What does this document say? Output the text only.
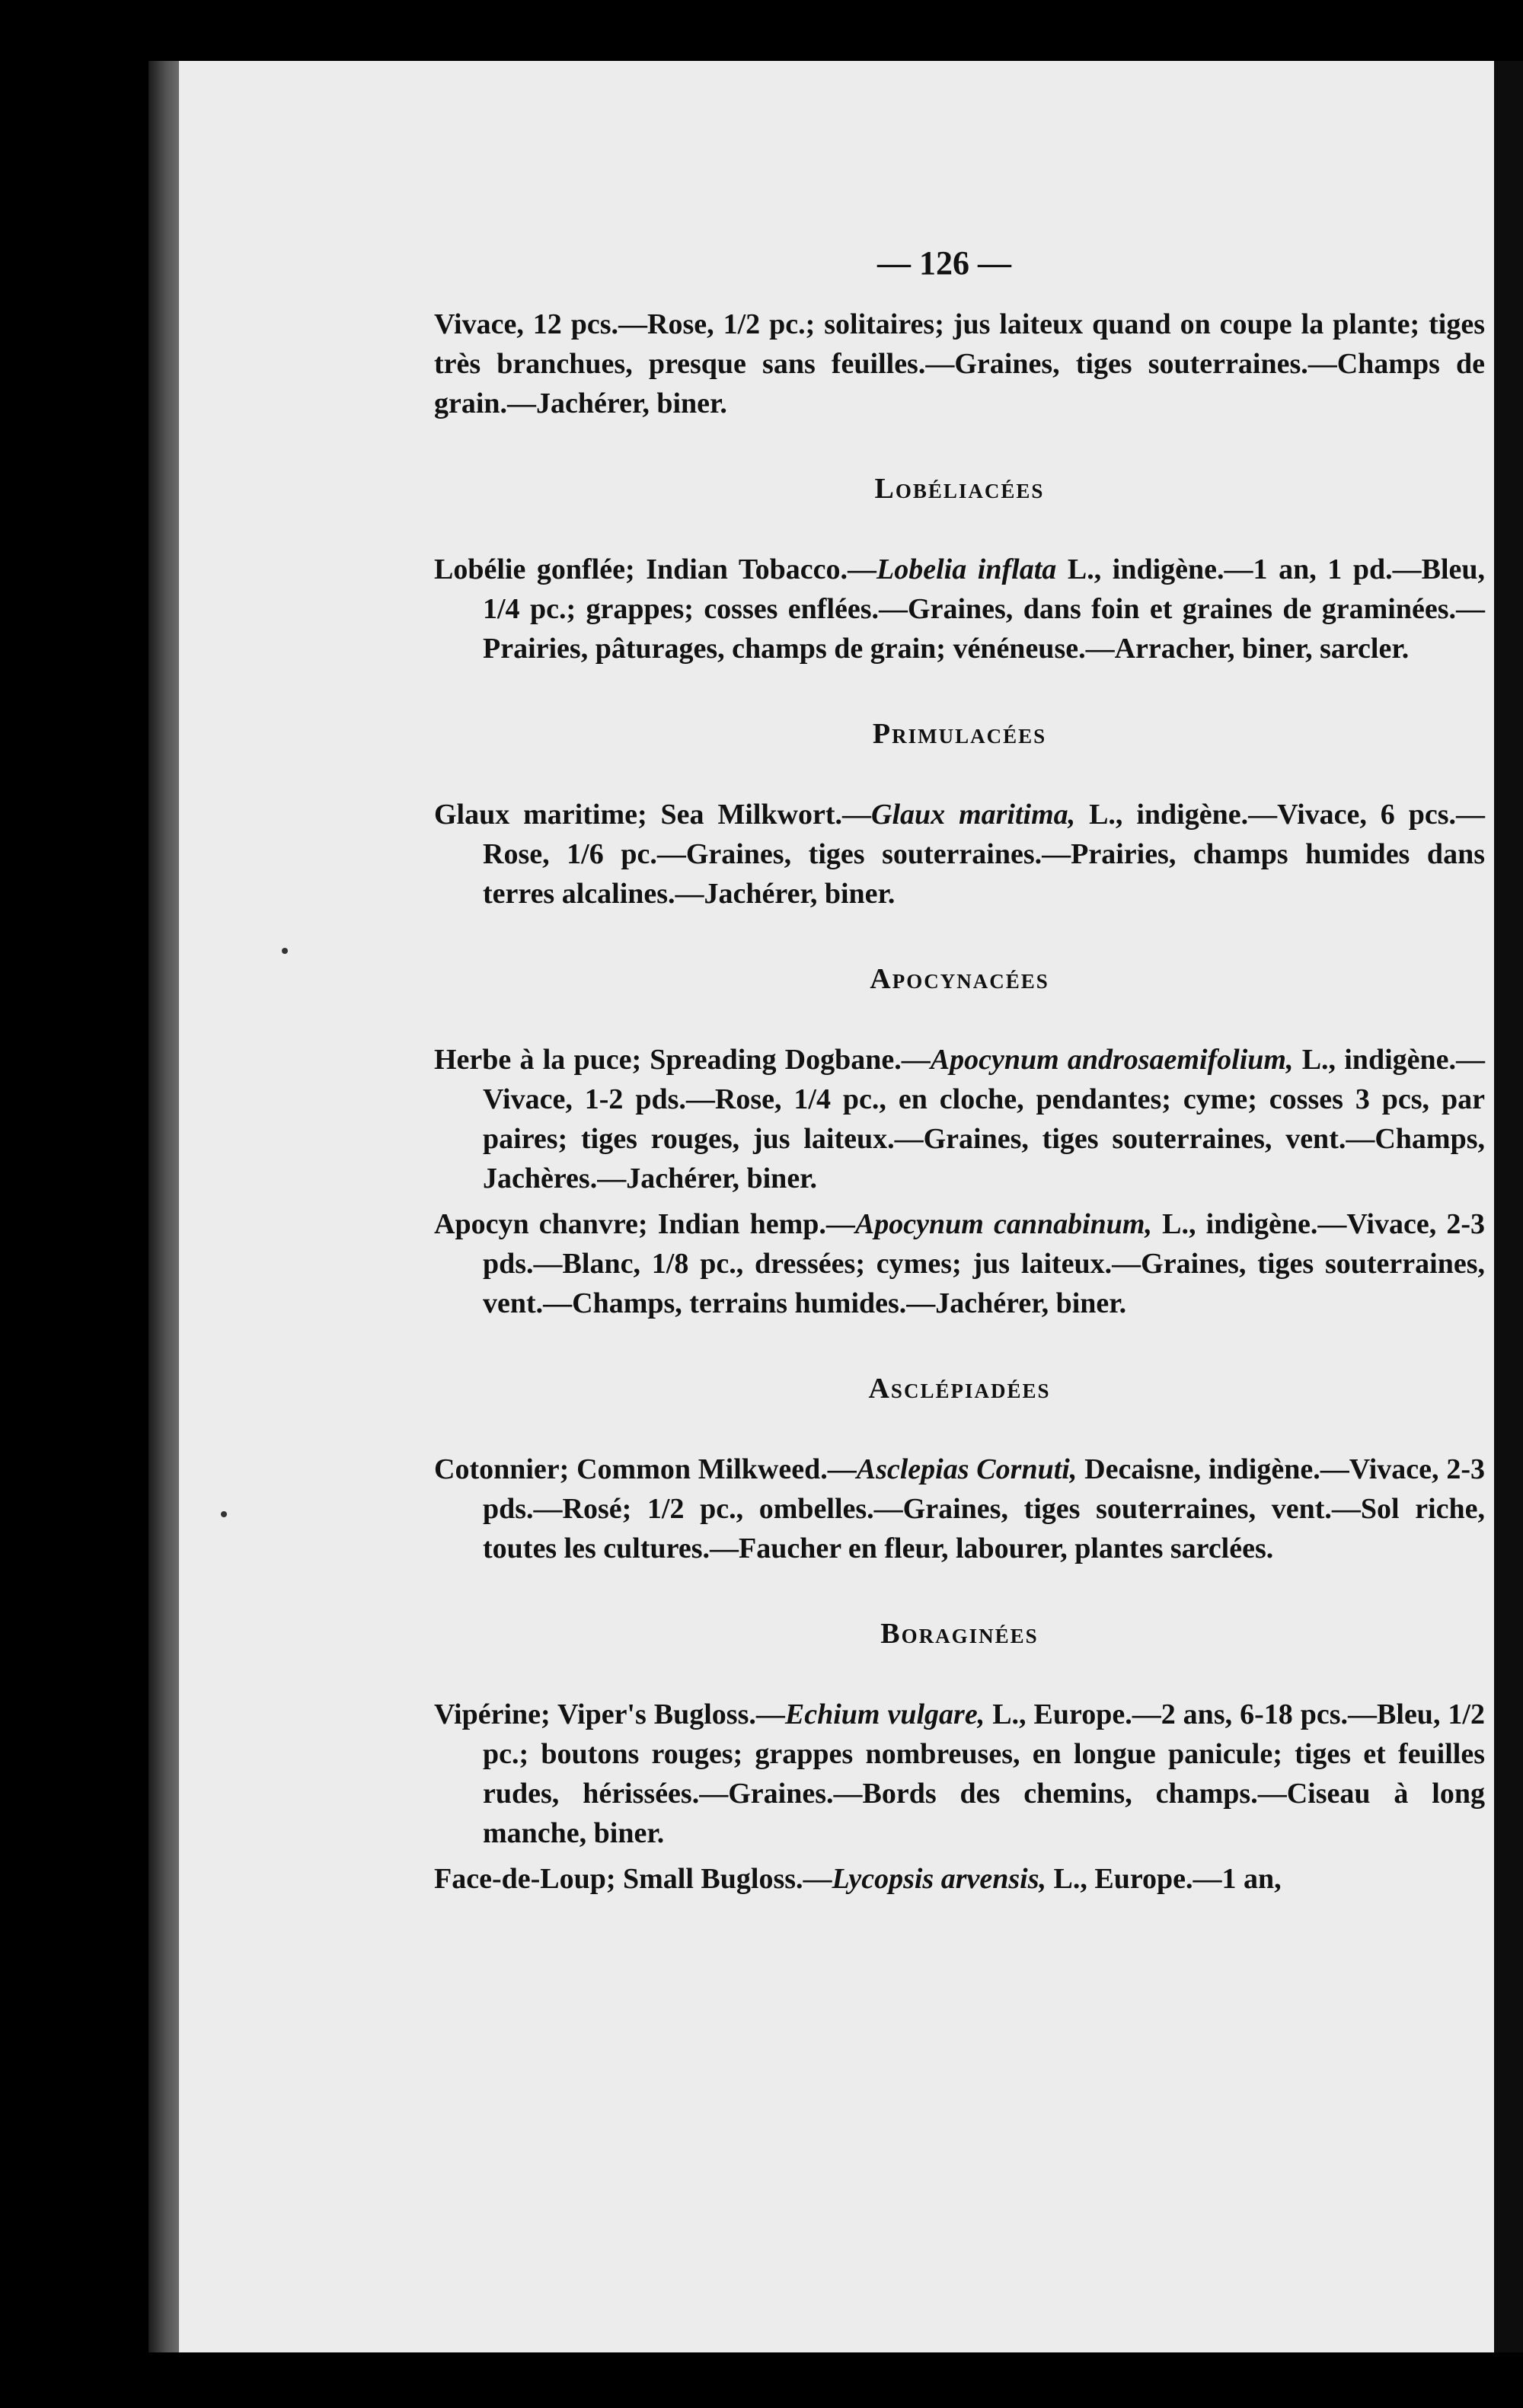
— 126 —

Vivace, 12 pcs.—Rose, 1/2 pc.; solitaires; jus laiteux quand on coupe la plante; tiges très branchues, presque sans feuilles.—Graines, tiges souterraines.—Champs de grain.—Jachérer, biner.

Lobéliacées

Lobélie gonflée; Indian Tobacco.—Lobelia inflata L., indigène.—1 an, 1 pd.—Bleu, 1/4 pc.; grappes; cosses enflées.—Graines, dans foin et graines de graminées.—Prairies, pâturages, champs de grain; vénéneuse.—Arracher, biner, sarcler.

Primulacées

Glaux maritime; Sea Milkwort.—Glaux maritima, L., indigène.—Vivace, 6 pcs.—Rose, 1/6 pc.—Graines, tiges souterraines.—Prairies, champs humides dans terres alcalines.—Jachérer, biner.

Apocynacées

Herbe à la puce; Spreading Dogbane.—Apocynum androsaemifolium, L., indigène.—Vivace, 1-2 pds.—Rose, 1/4 pc., en cloche, pendantes; cyme; cosses 3 pcs, par paires; tiges rouges, jus laiteux.—Graines, tiges souterraines, vent.—Champs, Jachères.—Jachérer, biner.

Apocyn chanvre; Indian hemp.—Apocynum cannabinum, L., indigène.—Vivace, 2-3 pds.—Blanc, 1/8 pc., dressées; cymes; jus laiteux.—Graines, tiges souterraines, vent.—Champs, terrains humides.—Jachérer, biner.

Asclépiadées

Cotonnier; Common Milkweed.—Asclepias Cornuti, Decaisne, indigène.—Vivace, 2-3 pds.—Rosé; 1/2 pc., ombelles.—Graines, tiges souterraines, vent.—Sol riche, toutes les cultures.—Faucher en fleur, labourer, plantes sarclées.

Boraginées

Vipérine; Viper's Bugloss.—Echium vulgare, L., Europe.—2 ans, 6-18 pcs.—Bleu, 1/2 pc.; boutons rouges; grappes nombreuses, en longue panicule; tiges et feuilles rudes, hérissées.—Graines.—Bords des chemins, champs.—Ciseau à long manche, biner.

Face-de-Loup; Small Bugloss.—Lycopsis arvensis, L., Europe.—1 an,
